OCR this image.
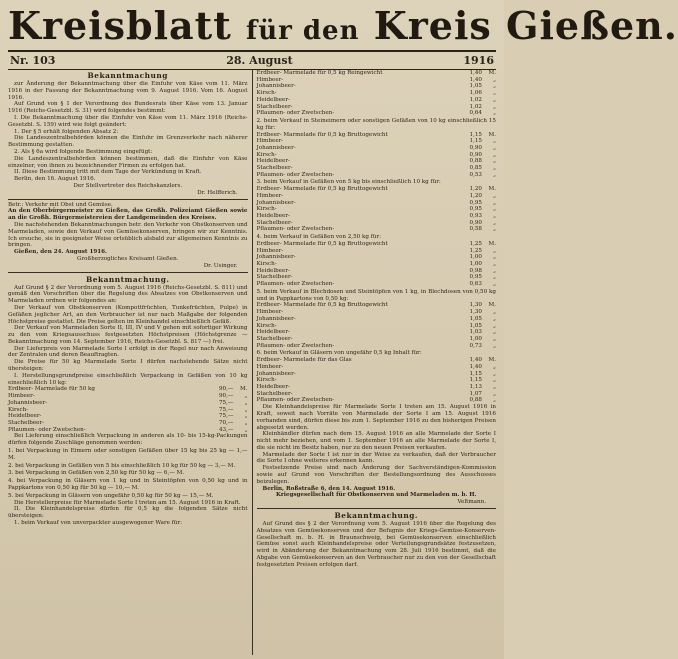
Kreisblatt für den Kreis Gießen.
Nr. 103	28. August	1916
Bekanntmachung

zur Änderung der Bekanntmachung über die Einfuhr von Käse vom 11. März 1916 in der Fassung der Bekanntmachung vom 9. August 1916. Vom 16. August 1916.

Auf Grund von § 1 der Verordnung des Bundesrats über Käse vom 13. Januar 1916 (Reichs-Gesetzbl. S. 31) wird folgendes bestimmt:

I. Die Bekanntmachung über die Einfuhr von Käse vom 11. März 1916 (Reichs-Gesetzbl. S. 159) wird wie folgt geändert:

1. Der § 5 erhält folgenden Absatz 2:

Die Landeszentralbehörden können die Einfuhr im Grenzverkehr nach näherer Bestimmung gestatten.

2. Als § 6a wird folgende Bestimmung eingefügt:

Die Landeszentralbehörden können bestimmen, daß die Einfuhr von Käse einzelner, von ihnen zu bezeichnender Firmen zu erfolgen hat.

II. Diese Bestimmung tritt mit dem Tage der Verkündung in Kraft.

Berlin, den 16. August 1916.

Der Stellvertreter des Reichskanzlers.

Dr. Helfferich.

Betr.: Verkehr mit Obst und Gemüse.

An den Oberbürgermeister zu Gießen, das Großh. Polizeiamt Gießen sowie an die Großh. Bürgermeistereien der Landgemeinden des Kreises.

Die nachstehenden Bekanntmachungen betr. den Verkehr von Obstkonserven und Marmeladen, sowie den Verkauf von Gemüsekonserven, bringen wir zur Kenntnis. Ich ersuche, sie in geeigneter Weise ortsüblich alsbald zur allgemeinen Kenntnis zu bringen.

Gießen, den 24. August 1916.

Großherzogliches Kreisamt Gießen.

Dr. Usinger.

Bekanntmachung.

Auf Grund § 2 der Verordnung vom 5. August 1916 (Reichs-Gesetzbl. S. 811) und gemäß den Vorschriften über die Regelung des Absatzes von Obstkonserven und Marmeladen ordnen wir folgendes an:

Der Verkauf von Obstkonserven (Kompottfrüchten, Tunkefrüchten, Pulpe) in Gefäßen jeglicher Art, an den Verbraucher ist nur nach Maßgabe der folgenden Höchstpreise gestattet. Die Preise gelten im Kleinhandel einschließlich Gefäß.

Der Verkauf von Marmeladen Sorte II, III, IV und V gehen mit sofortiger Wirkung zu den vom Kriegsausschuss festgesetzten Höchstpreisen (Höchstgrenze — Bekanntmachung vom 14. September 1916, Reichs-Gesetzbl. S. 817 —) frei.

Der Lieferpreis von Marmelade Sorte I erfolgt in der Regel nur nach Anweisung der Zentralen und deren Beauftragten.

Die Preise für 50 kg Marmelade Sorte I dürfen nachstehende Sätze nicht übersteigen:

I. Herstellungsgrundpreise einschließlich Verpackung in Gefäßen von 10 kg einschließlich 10 kg:

Erdbeer- Marmelade für 50 kg		90,—	M.
Himbeer-		90,—	„
Johannisbeer-		75,—	„
Kirsch-		75,—	„
Heidelbeer-		75,—	„
Stachelbeer-		70,—	„
Pflaumen- oder Zwetschen-		43,—	„

Bei Lieferung einschließlich Verpackung in anderen als 10- bis 15-kg-Packungen dürfen folgende Zuschläge genommen werden:

1. bei Verpackung in Eimern oder sonstigen Gefäßen über 15 kg bis 25 kg — 1,— M.

2. bei Verpackung in Gefäßen von 5 bis einschließlich 10 kg für 50 kg — 3,— M.

3. bei Verpackung in Gefäßen von 2,50 kg für 50 kg — 6,— M.

4. bei Verpackung in Gläsern von 1 kg und in Steintöpfen von 0,50 kg und in Pappkartons von 0,50 kg für 50 kg — 10,— M.

5. bei Verpackung in Gläsern von ungefähr 0,50 kg für 50 kg — 15,— M.

Die Herstellerpreise für Marmelade Sorte I treten am 15. August 1916 in Kraft.

II. Die Kleinhandelspreise dürfen für 0,5 kg die folgenden Sätze nicht übersteigen:

1. beim Verkauf von unverpackter ausgewogener Ware für:

Erdbeer- Marmelade für 0,5 kg Reingewicht		1,40	M.
Himbeer-		1,40	„
Johannisbeer-		1,05	„
Kirsch-		1,06	„
Heidelbeer-		1,02	„
Stachelbeer-		1,02	„
Pflaumen- oder Zwetschen-		0,64	„

2. beim Verkauf in Steineimern oder sonstigen Gefäßen von 10 kg einschließlich 15 kg für:

Erdbeer- Marmelade für 0,5 kg Bruttogewicht		1,15	M.
Himbeer-		1,15	„
Johannisbeer-		0,90	„
Kirsch-		0,90	„
Heidelbeer-		0,88	„
Stachelbeer-		0,85	„
Pflaumen- oder Zwetschen-		0,53	„

3. beim Verkauf in Gefäßen von 5 kg bis einschließlich 10 kg für:

Erdbeer- Marmelade für 0,5 kg Bruttogewicht		1,20	M.
Himbeer-		1,20	„
Johannisbeer-		0,95	„
Kirsch-		0,95	„
Heidelbeer-		0,93	„
Stachelbeer-		0,90	„
Pflaumen- oder Zwetschen-		0,58	„

4. beim Verkauf in Gefäßen von 2,50 kg für:

Erdbeer- Marmelade für 0,5 kg Bruttogewicht		1,25	M.
Himbeer-		1,25	„
Johannisbeer-		1,00	„
Kirsch-		1,00	„
Heidelbeer-		0,98	„
Stachelbeer-		0,95	„
Pflaumen- oder Zwetschen-		0,63	„

5. beim Verkauf in Blechdosen und Steintöpfen von 1 kg, in Blechdosen von 0,50 kg und in Pappkartons von 0,50 kg:

Erdbeer- Marmelade für 0,5 kg Bruttogewicht		1,30	M.
Himbeer-		1,30	„
Johannisbeer-		1,05	„
Kirsch-		1,05	„
Heidelbeer-		1,03	„
Stachelbeer-		1,00	„
Pflaumen- oder Zwetschen-		0,73	„

6. beim Verkauf in Gläsern von ungefähr 0,5 kg Inhalt für:

Erdbeer- Marmelade für das Glas		1,40	M.
Himbeer-		1,40	„
Johannisbeer-		1,15	„
Kirsch-		1,15	„
Heidelbeer-		1,13	„
Stachelbeer-		1,07	„
Pflaumen- oder Zwetschen-		0,88	„

Die Kleinhandelspreise für Marmelade Sorte I treten am 15. August 1916 in Kraft, soweit nach Vorräte von Marmelade der Sorte I am 15. August 1916 vorhanden sind, dürfen diese bis zum 1. September 1916 zu den bisherigen Preisen abgesetzt werden.

Kleinhändler dürfen nach dem 15. August 1916 an alle Marmelade der Sorte I nicht mehr beziehen, und vom 1. September 1916 an alle Marmelade der Sorte I, die sie nicht im Besitz haben, nur zu den neuen Preisen verkaufen.

Marmelade der Sorte I ist nur in der Weise zu verkaufen, daß der Verbraucher die Sorte I ohne weiteres erkennen kann.

Festsetzende Preise sind nach Änderung der Sachverständigen-Kommission sowie auf Grund von Vorschriften der Bestellungsordnung des Ausschusses beizulegen.

Berlin, Roßstraße 6, den 14. August 1916.

Kriegsgesellschaft für Obstkonserven und Marmeladen m. b. H.

Veltmann.

Bekanntmachung.

Auf Grund des § 2 der Verordnung vom 5. August 1916 über die Regelung des Absatzes von Gemüsekonserven und der Befugnis der Kriegs-Gemüse-Konserven-Gesellschaft m. b. H. in Braunschweig, bei Gemüsekonserven einschließlich Gemüse sonst auch Kleinhandelspreise oder Verteilungsgrundsätze festzusetzen, wird in Abänderung der Bekanntmachung vom 28. Juli 1916 bestimmt, daß die Abgabe von Gemüsekonserven an den Verbraucher nur zu den von der Gesellschaft festgesetzten Preisen erfolgen darf.
